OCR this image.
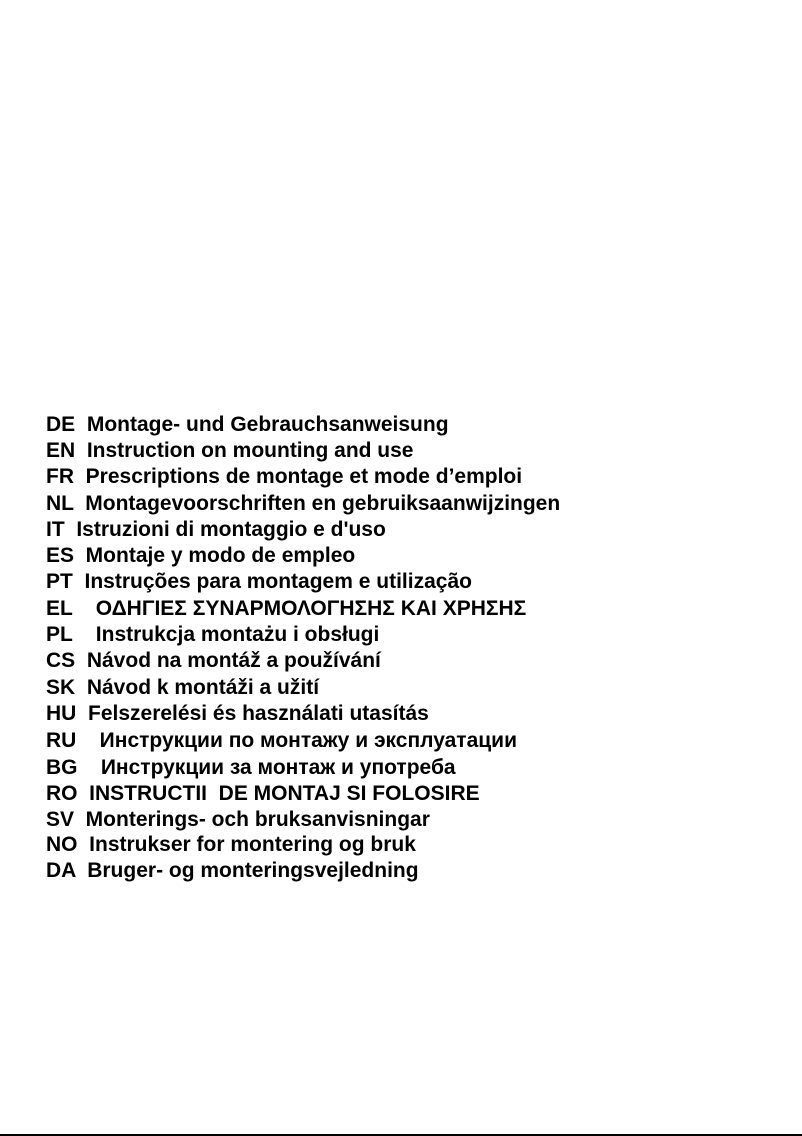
DE  Montage- und Gebrauchsanweisung
EN  Instruction on mounting and use
FR  Prescriptions de montage et mode d’emploi
NL  Montagevoorschriften en gebruiksaanwijzingen
IT  Istruzioni di montaggio e d'uso
ES  Montaje y modo de empleo
PT  Instruções para montagem e utilização
EL    ΟΔΗΓΙΕΣ ΣΥΝΑΡΜΟΛΟΓΗΣΗΣ ΚΑΙ ΧΡΗΣΗΣ
PL    Instrukcja montażu i obsługi
CS  Návod na montáž a používání
SK  Návod k montáži a užití
HU  Felszerelési és használati utasítás
RU    Инструкции по монтажу и эксплуатации
BG    Инструкции за монтаж и употреба
RO  INSTRUCTII  DE MONTAJ SI FOLOSIRE
SV  Monterings- och bruksanvisningar
NO  Instrukser for montering og bruk
DA  Bruger- og monteringsvejledning
